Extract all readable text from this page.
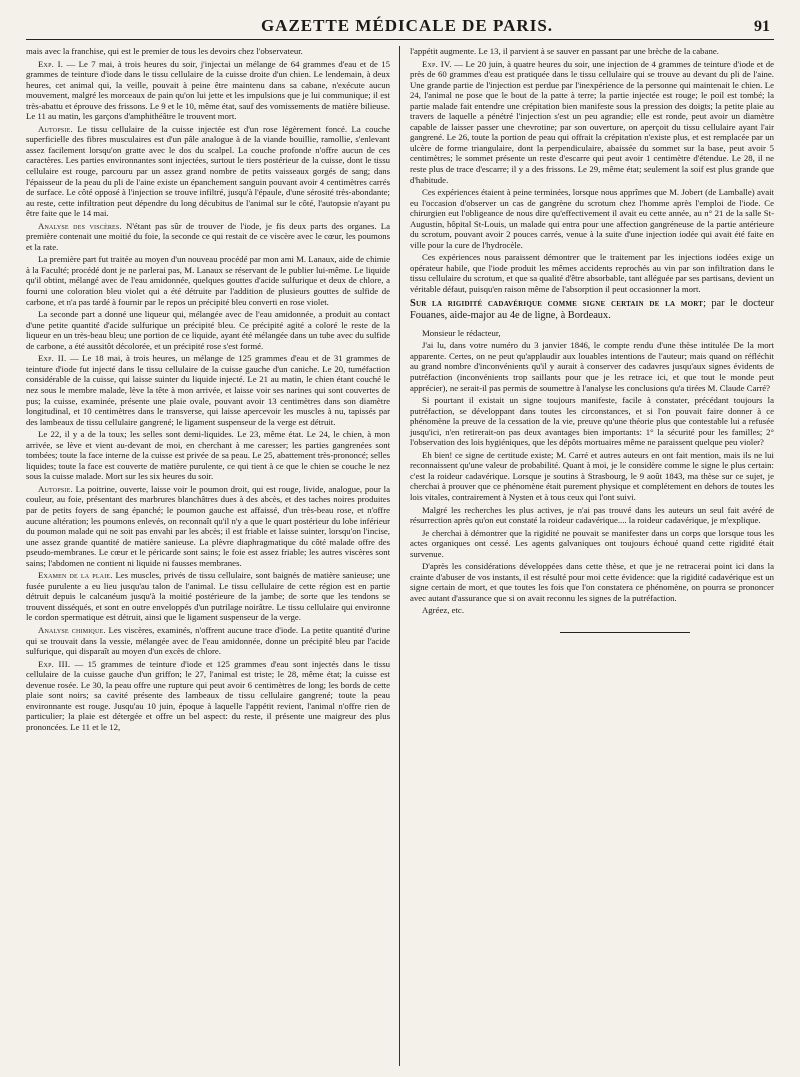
GAZETTE MÉDICALE DE PARIS.	91

mais avec la franchise, qui est le premier de tous les devoirs chez l'observateur.

Exp. I. — Le 7 mai, à trois heures du soir, j'injectai un mélange de 64 grammes d'eau et de 15 grammes de teinture d'iode dans le tissu cellulaire de la cuisse droite d'un chien. Le lendemain, à deux heures, cet animal qui, la veille, pouvait à peine être maintenu dans sa cabane, n'exécute aucun mouvement, malgré les morceaux de pain qu'on lui jette et les impulsions que je lui communique; il est très-abattu et éprouve des frissons. Le 9 et le 10, même état, sauf des vomissements de matière bilieuse. Le 11 au matin, les garçons d'amphithéâtre le trouvent mort.

Autopsie. Le tissu cellulaire de la cuisse injectée est d'un rose légèrement foncé. La couche superficielle des fibres musculaires est d'un pâle analogue à de la viande bouillie, ramollie, s'enlevant assez facilement lorsqu'on gratte avec le dos du scalpel. La couche profonde n'offre aucun de ces caractères. Les parties environnantes sont injectées, surtout le tiers postérieur de la cuisse, dont le tissu cellulaire est rouge, parcouru par un assez grand nombre de petits vaisseaux gorgés de sang; dans l'épaisseur de la peau du pli de l'aine existe un épanchement sanguin pouvant avoir 4 centimètres carrés de surface. Le côté opposé à l'injection se trouve infiltré, jusqu'à l'épaule, d'une sérosité très-abondante; au reste, cette infiltration peut dépendre du long décubitus de l'animal sur le côté, l'autopsie n'ayant pu être faite que le 14 mai.

Analyse des viscères. N'étant pas sûr de trouver de l'iode, je fis deux parts des organes. La première contenait une moitié du foie, la seconde ce qui restait de ce viscère avec le cœur, les poumons et la rate.

La première part fut traitée au moyen d'un nouveau procédé par mon ami M. Lanaux, aide de chimie à la Faculté; procédé dont je ne parlerai pas, M. Lanaux se réservant de le publier lui-même. Le liquide qu'il obtint, mélangé avec de l'eau amidonnée, quelques gouttes d'acide sulfurique et deux de chlore, a fourni une coloration bleu violet qui a été détruite par l'addition de plusieurs gouttes de sulfide de carbone, et n'a pas tardé à fournir par le repos un précipité bleu converti en rose violet.

La seconde part a donné une liqueur qui, mélangée avec de l'eau amidonnée, a produit au contact d'une petite quantité d'acide sulfurique un précipité bleu. Ce précipité agité a coloré le reste de la liqueur en un très-beau bleu; une portion de ce liquide, ayant été mélangée dans un tube avec du sulfide de carbone, a été aussitôt décolorée, et un précipité rose s'est formé.

Exp. II. — Le 18 mai, à trois heures, un mélange de 125 grammes d'eau et de 31 grammes de teinture d'iode fut injecté dans le tissu cellulaire de la cuisse gauche d'un caniche. Le 20, tuméfaction considérable de la cuisse, qui laisse suinter du liquide injecté. Le 21 au matin, le chien étant couché le nez sous le membre malade, lève la tête à mon arrivée, et laisse voir ses narines qui sont couvertes de pus; la cuisse, examinée, présente une plaie ovale, pouvant avoir 13 centimètres dans son diamètre longitudinal, et 10 centimètres dans le transverse, qui laisse apercevoir les muscles à nu, tapissés par des lambeaux de tissu cellulaire gangrené; le ligament suspenseur de la verge est détruit.

Le 22, il y a de la toux; les selles sont demi-liquides. Le 23, même état. Le 24, le chien, à mon arrivée, se lève et vient au-devant de moi, en cherchant à me caresser; les parties gangrenées sont tombées; toute la face interne de la cuisse est privée de sa peau. Le 25, abattement très-prononcé; selles liquides; toute la face est couverte de matière purulente, ce qui tient à ce que le chien se couche le nez sous la cuisse malade. Mort sur les six heures du soir.

Autopsie. La poitrine, ouverte, laisse voir le poumon droit, qui est rouge, livide, analogue, pour la couleur, au foie, présentant des marbrures blanchâtres dues à des abcès, et des taches noires produites par de petits foyers de sang épanché; le poumon gauche est affaissé, d'un très-beau rose, et n'offre aucune altération; les poumons enlevés, on reconnaît qu'il n'y a que le quart postérieur du lobe inférieur du poumon malade qui ne soit pas envahi par les abcès; il est friable et laisse suinter, lorsqu'on l'incise, une assez grande quantité de matière sanieuse. La plèvre diaphragmatique du côté malade offre des pseudo-membranes. Le cœur et le péricarde sont sains; le foie est assez friable; les autres viscères sont sains; l'abdomen ne contient ni liquide ni fausses membranes.

Examen de la plaie. Les muscles, privés de tissu cellulaire, sont baignés de matière sanieuse; une fusée purulente a eu lieu jusqu'au talon de l'animal. Le tissu cellulaire de cette région est en partie détruit depuis le calcanéum jusqu'à la moitié postérieure de la jambe; de sorte que les tendons se trouvent disséqués, et sont en outre enveloppés d'un putrilage noirâtre. Le tissu cellulaire qui environne le cordon spermatique est détruit, ainsi que le ligament suspenseur de la verge.

Analyse chimique. Les viscères, examinés, n'offrent aucune trace d'iode. La petite quantité d'urine qui se trouvait dans la vessie, mélangée avec de l'eau amidonnée, donne un précipité bleu par l'acide sulfurique, qui disparaît au moyen d'un excès de chlore.

Exp. III. — 15 grammes de teinture d'iode et 125 grammes d'eau sont injectés dans le tissu cellulaire de la cuisse gauche d'un griffon; le 27, l'animal est triste; le 28, même état; la cuisse est devenue rosée. Le 30, la peau offre une rupture qui peut avoir 6 centimètres de long; les bords de cette plaie sont noirs; sa cavité présente des lambeaux de tissu cellulaire gangrené; toute la peau environnante est rouge. Jusqu'au 10 juin, époque à laquelle l'appétit revient, l'animal n'offre rien de particulier; la plaie est détergée et offre un bel aspect: du reste, il présente une maigreur des plus prononcées. Le 11 et le 12,

l'appétit augmente. Le 13, il parvient à se sauver en passant par une brèche de la cabane.

Exp. IV. — Le 20 juin, à quatre heures du soir, une injection de 4 grammes de teinture d'iode et de près de 60 grammes d'eau est pratiquée dans le tissu cellulaire qui se trouve au devant du pli de l'aine. Une grande partie de l'injection est perdue par l'inexpérience de la personne qui maintenait le chien. Le 24, l'animal ne pose que le bout de la patte à terre; la partie injectée est rouge; le poil est tombé; la partie malade fait entendre une crépitation bien manifeste sous la pression des doigts; la petite plaie au travers de laquelle a pénétré l'injection s'est un peu agrandie; elle est ronde, peut avoir un diamètre capable de laisser passer une chevrotine; par son ouverture, on aperçoit du tissu cellulaire ayant l'air gangrené. Le 26, toute la portion de peau qui offrait la crépitation n'existe plus, et est remplacée par un ulcère de forme triangulaire, dont la perpendiculaire, abaissée du sommet sur la base, peut avoir 5 centimètres; le sommet présente un reste d'escarre qui peut avoir 1 centimètre d'étendue. Le 28, il ne reste plus de trace d'escarre; il y a des frissons. Le 29, même état; seulement la soif est plus grande que d'habitude.

Ces expériences étaient à peine terminées, lorsque nous apprîmes que M. Jobert (de Lamballe) avait eu l'occasion d'observer un cas de gangrène du scrotum chez l'homme après l'emploi de l'iode. Ce chirurgien eut l'obligeance de nous dire qu'effectivement il avait eu cette année, au n° 21 de la salle St-Augustin, hôpital St-Louis, un malade qui entra pour une affection gangréneuse de la partie antérieure du scrotum, pouvant avoir 2 pouces carrés, venue à la suite d'une injection iodée qui avait été faite en ville pour la cure de l'hydrocèle.

Ces expériences nous paraissent démontrer que le traitement par les injections iodées exige un opérateur habile, que l'iode produit les mêmes accidents reprochés au vin par son infiltration dans le tissu cellulaire du scrotum, et que sa qualité d'être absorbable, tant alléguée par ses partisans, devient un véritable défaut, puisqu'en raison même de l'absorption il peut occasionner la mort.

Sur la rigidité cadavérique comme signe certain de la mort; par le docteur Fouanes, aide-major au 4e de ligne, à Bordeaux.

Monsieur le rédacteur,

J'ai lu, dans votre numéro du 3 janvier 1846, le compte rendu d'une thèse intitulée De la mort apparente. Certes, on ne peut qu'applaudir aux louables intentions de l'auteur; mais quand on réfléchit au grand nombre d'inconvénients qu'il y aurait à conserver des cadavres jusqu'aux signes évidents de putréfaction (inconvénients trop saillants pour que je les retrace ici, et que tout le monde peut apprécier), ne serait-il pas permis de soumettre à l'analyse les conclusions qu'a tirées M. Claude Carré?

Si pourtant il existait un signe toujours manifeste, facile à constater, précédant toujours la putréfaction, se développant dans toutes les circonstances, et si l'on pouvait faire donner à ce phénomène la preuve de la cessation de la vie, preuve qu'une théorie plus que contestable lui a refusée jusqu'ici, n'en retirerait-on pas deux avantages bien importants: 1° la sécurité pour les familles; 2° l'observation des lois hygiéniques, que les dépôts mortuaires même ne paraissent quelque peu violer?

Eh bien! ce signe de certitude existe; M. Carré et autres auteurs en ont fait mention, mais ils ne lui reconnaissent qu'une valeur de probabilité. Quant à moi, je le considère comme le signe le plus certain: c'est la roideur cadavérique. Lorsque je soutins à Strasbourg, le 9 août 1843, ma thèse sur ce sujet, je cherchai à prouver que ce phénomène était purement physique et complétement en dehors de toutes les lois vitales, contrairement à Nysten et à tous ceux qui l'ont suivi.

Malgré les recherches les plus actives, je n'ai pas trouvé dans les auteurs un seul fait avéré de résurrection après qu'on eut constaté la roideur cadavérique.... la roideur cadavérique, je m'explique.

Je cherchai à démontrer que la rigidité ne pouvait se manifester dans un corps que lorsque tous les actes organiques ont cessé. Les agents galvaniques ont toujours échoué quand cette rigidité était survenue.

D'après les considérations développées dans cette thèse, et que je ne retracerai point ici dans la crainte d'abuser de vos instants, il est résulté pour moi cette évidence: que la rigidité cadavérique est un signe certain de mort, et que toutes les fois que l'on constatera ce phénomène, on pourra se prononcer avec autant d'assurance que si on avait reconnu les signes de la putréfaction.

Agréez, etc.
